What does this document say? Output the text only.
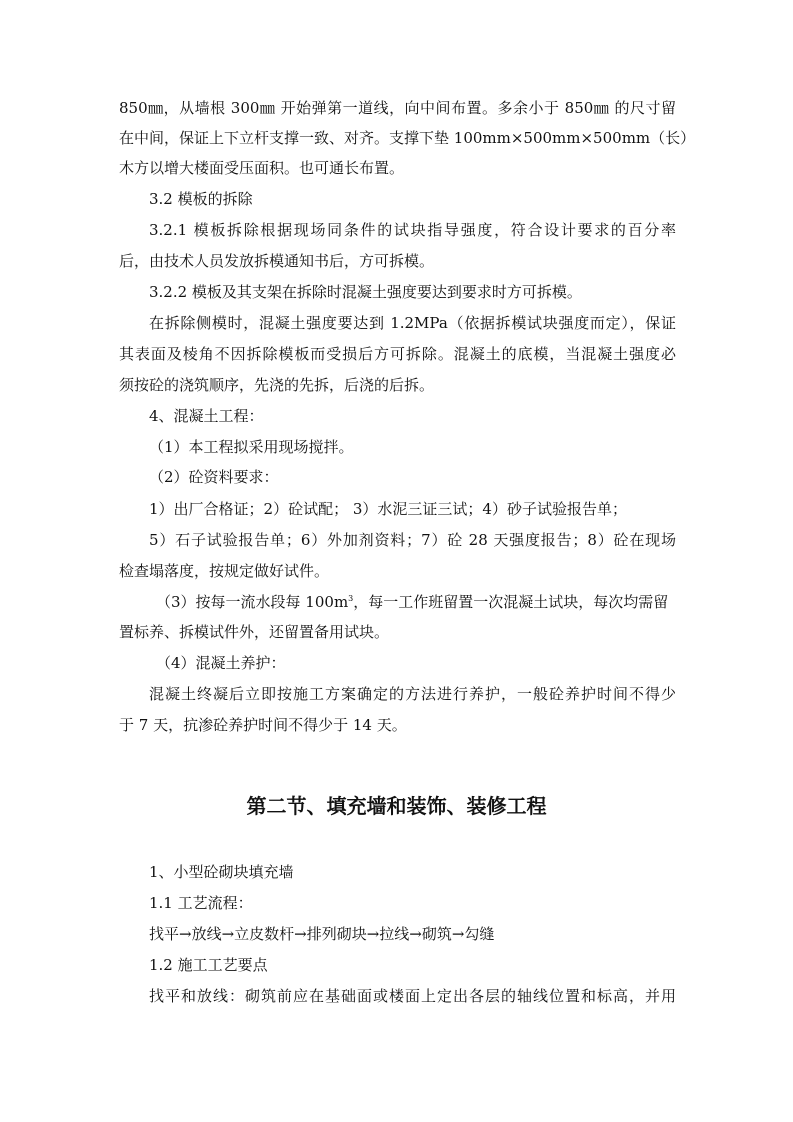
850㎜，从墙根 300㎜ 开始弹第一道线，向中间布置。多余小于 850㎜ 的尺寸留
在中间，保证上下立杆支撑一致、对齐。支撑下垫 100mm×500mm×500mm（长）
木方以增大楼面受压面积。也可通长布置。
3.2 模板的拆除
3.2.1 模板拆除根据现场同条件的试块指导强度，符合设计要求的百分率
后，由技术人员发放拆模通知书后，方可拆模。
3.2.2 模板及其支架在拆除时混凝土强度要达到要求时方可拆模。
在拆除侧模时，混凝土强度要达到 1.2MPa（依据拆模试块强度而定），保证
其表面及棱角不因拆除模板而受损后方可拆除。混凝土的底模，当混凝土强度必
须按砼的浇筑顺序，先浇的先拆，后浇的后拆。
4、混凝土工程：
（1）本工程拟采用现场搅拌。
（2）砼资料要求：
1）出厂合格证；2）砼试配； 3）水泥三证三试；4）砂子试验报告单；
5）石子试验报告单；6）外加剂资料；7）砼 28 天强度报告；8）砼在现场
检查塌落度，按规定做好试件。
（3）按每一流水段每 $100m^3$，每一工作班留置一次混凝土试块，每次均需留
置标养、拆模试件外，还留置备用试块。
（4）混凝土养护：
混凝土终凝后立即按施工方案确定的方法进行养护，一般砼养护时间不得少
于 7 天，抗渗砼养护时间不得少于 14 天。
第二节、填充墙和装饰、装修工程
1、小型砼砌块填充墙
1.1 工艺流程：
找平→放线→立皮数杆→排列砌块→拉线→砌筑→勾缝
1.2 施工工艺要点
找平和放线：砌筑前应在基础面或楼面上定出各层的轴线位置和标高，并用
